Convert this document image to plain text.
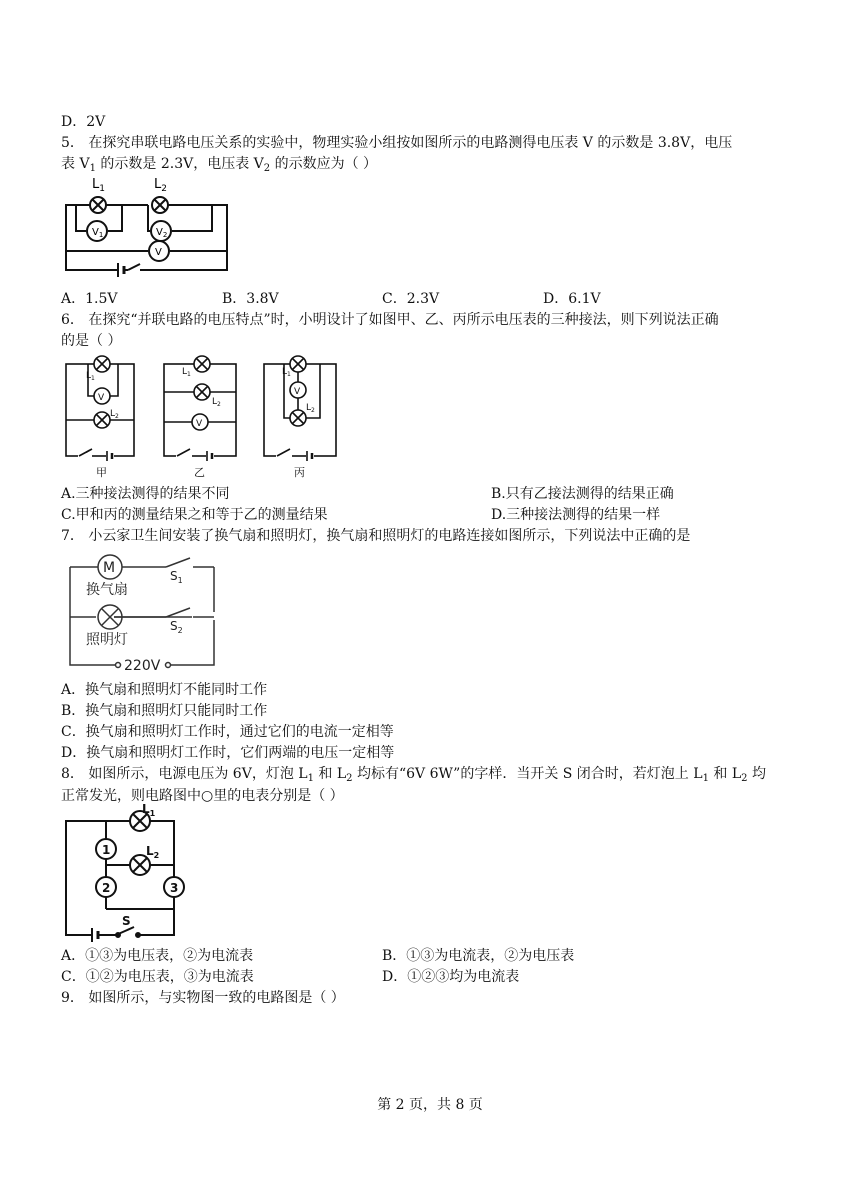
D．2V
5． 在探究串联电路电压关系的实验中，物理实验小组按如图所示的电路测得电压表 V 的示数是 3.8V，电压
表 $V_1$ 的示数是 2.3V，电压表 $V_2$ 的示数应为（ ）
$L_1$	$L_2$
$V_1$	$V_2$
V
A．1.5V	B．3.8V	C．2.3V	D．6.1V
6． 在探究“并联电路的电压特点”时，小明设计了如图甲、乙、丙所示电压表的三种接法，则下列说法正确
的是（ ）
$L_1$
V
$L_2$
$L_1$
$L_2$
V
$L_1$
V
$L_2$
甲	乙	丙
A.三种接法测得的结果不同	B.只有乙接法测得的结果正确
C.甲和丙的测量结果之和等于乙的测量结果	D.三种接法测得的结果一样
7． 小云家卫生间安装了换气扇和照明灯，换气扇和照明灯的电路连接如图所示，下列说法中正确的是
M
换气扇
照明灯
$S_1$
$S_2$
220V
A．换气扇和照明灯不能同时工作
B．换气扇和照明灯只能同时工作
C．换气扇和照明灯工作时，通过它们的电流一定相等
D．换气扇和照明灯工作时，它们两端的电压一定相等
8． 如图所示，电源电压为 6V，灯泡 $L_1$ 和 $L_2$ 均标有“6V 6W”的字样．当开关 S 闭合时，若灯泡上 $L_1$ 和 $L_2$ 均
正常发光，则电路图中○里的电表分别是（ ）
$L_1$
$L_2$
1
2	3
S
A．①③为电压表，②为电流表	B．①③为电流表，②为电压表
C．①②为电压表，③为电流表	D．①②③均为电流表
9． 如图所示，与实物图一致的电路图是（ ）
第 2 页，共 8 页
